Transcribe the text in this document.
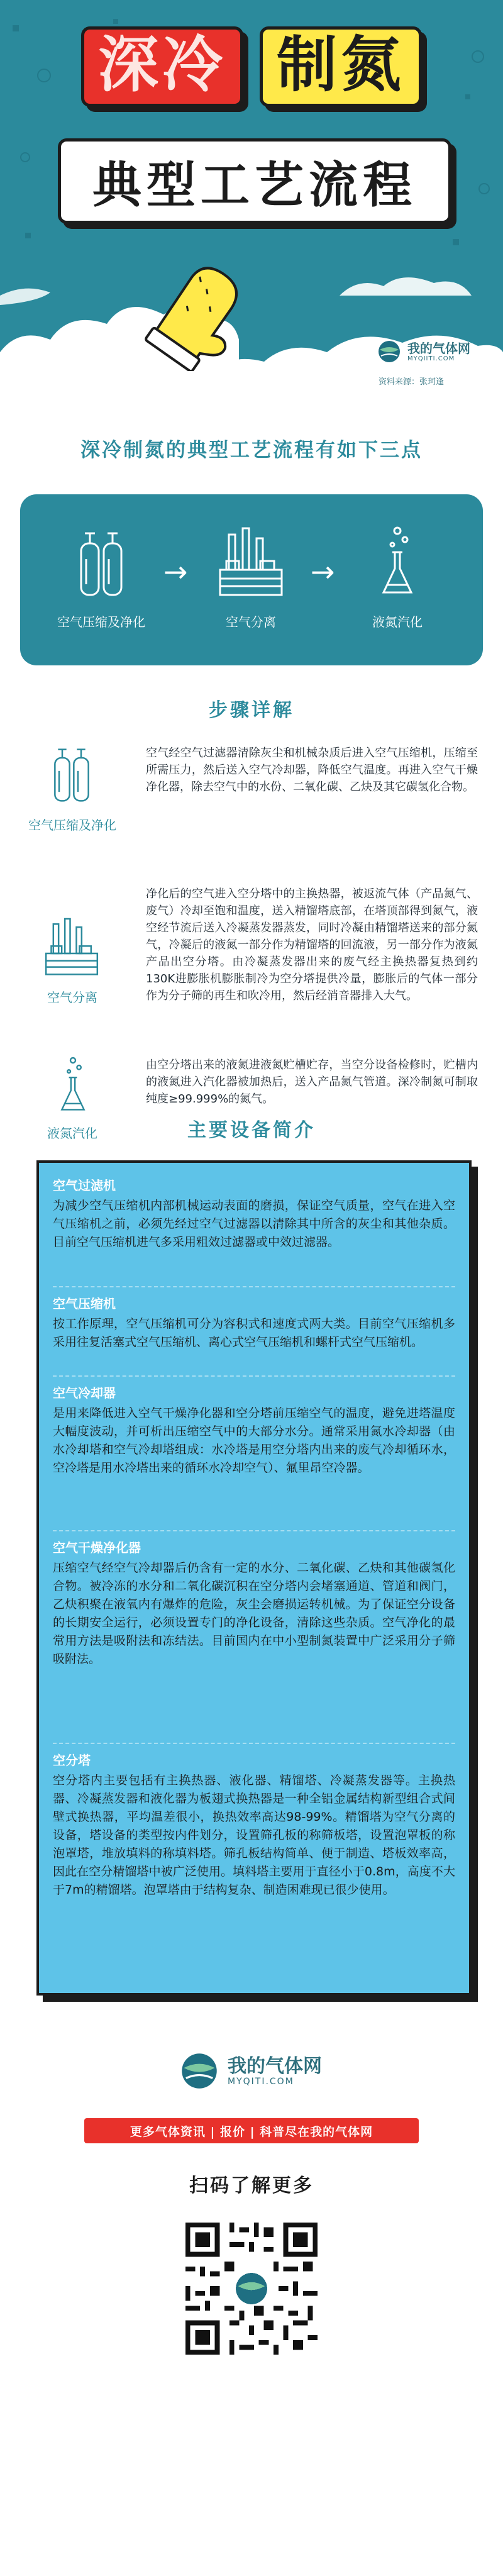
深冷 制氮
典型工艺流程
我的气体网
MYQIITI.COM
资料来源：张珂逢
深冷制氮的典型工艺流程有如下三点
空气压缩及净化
→
空气分离
→
液氮汽化
步骤详解
空气压缩及净化
空气经空气过滤器清除灰尘和机械杂质后进入空气压缩机，压缩至所需压力，然后送入空气冷却器，降低空气温度。再进入空气干燥净化器，除去空气中的水份、二氧化碳、乙炔及其它碳氢化合物。
空气分离
净化后的空气进入空分塔中的主换热器，被返流气体（产品氮气、废气）冷却至饱和温度，送入精馏塔底部，在塔顶部得到氮气，液空经节流后送入冷凝蒸发器蒸发，同时冷凝由精馏塔送来的部分氮气，冷凝后的液氮一部分作为精馏塔的回流液，另一部分作为液氮产品出空分塔。由冷凝蒸发器出来的废气经主换热器复热到约130K进膨胀机膨胀制冷为空分塔提供冷量，膨胀后的气体一部分作为分子筛的再生和吹冷用，然后经消音器排入大气。
液氮汽化
由空分塔出来的液氮进液氮贮槽贮存，当空分设备检修时，贮槽内的液氮进入汽化器被加热后，送入产品氮气管道。深冷制氮可制取纯度≥99.999%的氮气。
主要设备简介
空气过滤机
为减少空气压缩机内部机械运动表面的磨损，保证空气质量，空气在进入空气压缩机之前，必须先经过空气过滤器以清除其中所含的灰尘和其他杂质。目前空气压缩机进气多采用粗效过滤器或中效过滤器。
空气压缩机
按工作原理，空气压缩机可分为容积式和速度式两大类。目前空气压缩机多采用往复活塞式空气压缩机、离心式空气压缩机和螺杆式空气压缩机。
空气冷却器
是用来降低进入空气干燥净化器和空分塔前压缩空气的温度，避免进塔温度大幅度波动，并可析出压缩空气中的大部分水分。通常采用氮水冷却器（由水冷却塔和空气冷却塔组成：水冷塔是用空分塔内出来的废气冷却循环水，空冷塔是用水冷塔出来的循环水冷却空气）、氟里昂空冷器。
空气干燥净化器
压缩空气经空气冷却器后仍含有一定的水分、二氧化碳、乙炔和其他碳氢化合物。被冷冻的水分和二氧化碳沉积在空分塔内会堵塞通道、管道和阀门，乙炔积聚在液氧内有爆炸的危险，灰尘会磨损运转机械。为了保证空分设备的长期安全运行，必须设置专门的净化设备，清除这些杂质。空气净化的最常用方法是吸附法和冻结法。目前国内在中小型制氮装置中广泛采用分子筛吸附法。
空分塔
空分塔内主要包括有主换热器、液化器、精馏塔、冷凝蒸发器等。主换热器、冷凝蒸发器和液化器为板翅式换热器是一种全铝金属结构新型组合式间壁式换热器，平均温差很小，换热效率高达98-99%。精馏塔为空气分离的设备，塔设备的类型按内件划分，设置筛孔板的称筛板塔，设置泡罩板的称泡罩塔，堆放填料的称填料塔。筛孔板结构简单、便于制造、塔板效率高，因此在空分精馏塔中被广泛使用。填料塔主要用于直径小于0.8m，高度不大于7m的精馏塔。泡罩塔由于结构复杂、制造困难现已很少使用。
我的气体网
MYQITI.COM
更多气体资讯 | 报价 | 科普尽在我的气体网
扫码了解更多
